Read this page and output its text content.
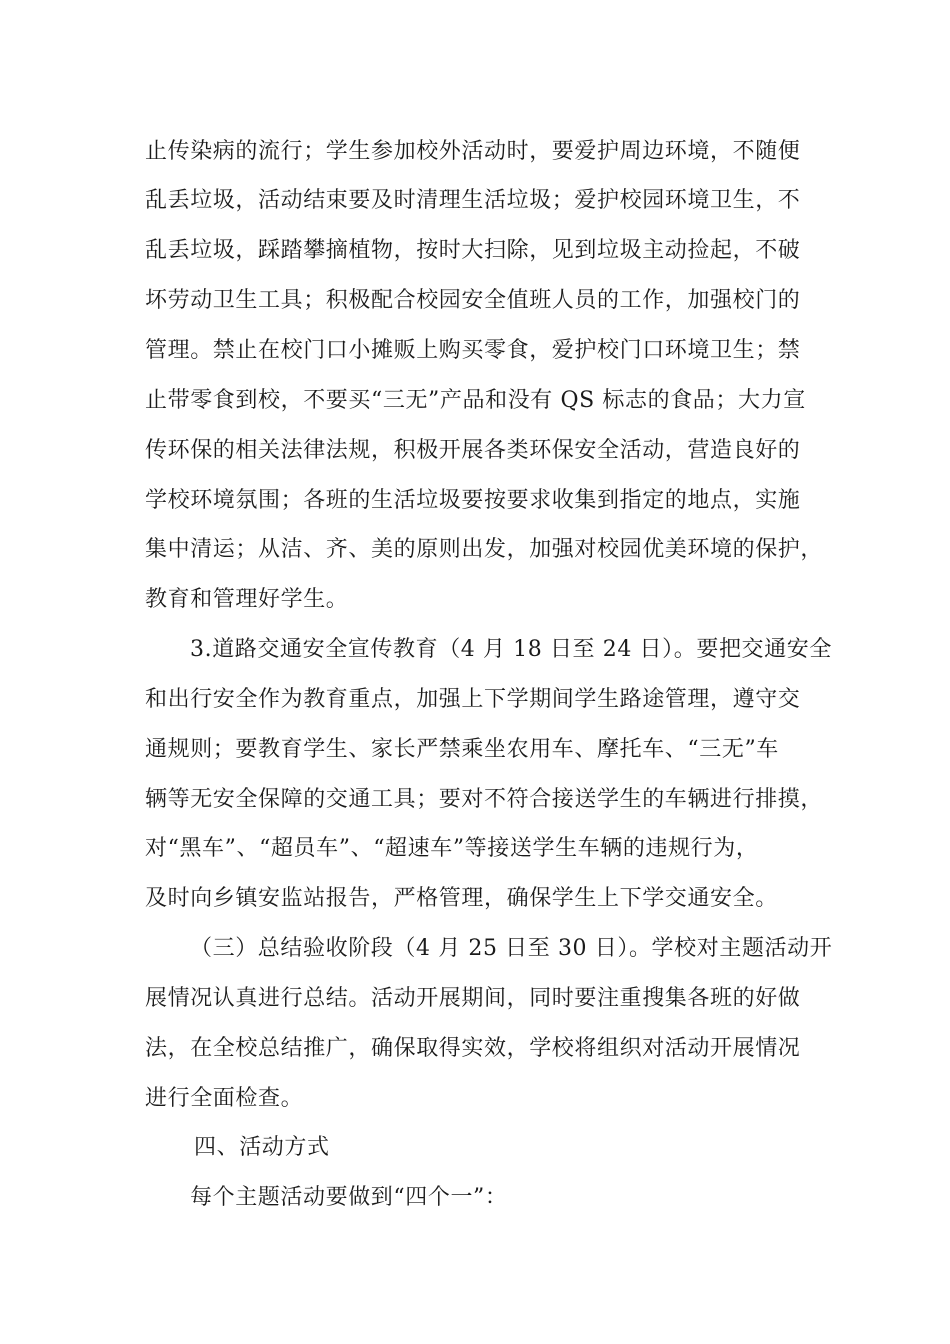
止传染病的流行；学生参加校外活动时，要爱护周边环境，不随便
乱丢垃圾，活动结束要及时清理生活垃圾；爱护校园环境卫生，不
乱丢垃圾，踩踏攀摘植物，按时大扫除，见到垃圾主动捡起，不破
坏劳动卫生工具；积极配合校园安全值班人员的工作，加强校门的
管理。禁止在校门口小摊贩上购买零食，爱护校门口环境卫生；禁
止带零食到校，不要买“三无”产品和没有 QS 标志的食品；大力宣
传环保的相关法律法规，积极开展各类环保安全活动，营造良好的
学校环境氛围；各班的生活垃圾要按要求收集到指定的地点，实施
集中清运；从洁、齐、美的原则出发，加强对校园优美环境的保护，
教育和管理好学生。
3.道路交通安全宣传教育（4 月 18 日至 24 日）。要把交通安全
和出行安全作为教育重点，加强上下学期间学生路途管理，遵守交
通规则；要教育学生、家长严禁乘坐农用车、摩托车、“三无”车
辆等无安全保障的交通工具；要对不符合接送学生的车辆进行排摸，
对“黑车”、“超员车”、“超速车”等接送学生车辆的违规行为，
及时向乡镇安监站报告，严格管理，确保学生上下学交通安全。
（三）总结验收阶段（4 月 25 日至 30 日）。学校对主题活动开
展情况认真进行总结。活动开展期间，同时要注重搜集各班的好做
法，在全校总结推广，确保取得实效，学校将组织对活动开展情况
进行全面检查。
四、活动方式
每个主题活动要做到“四个一”：
